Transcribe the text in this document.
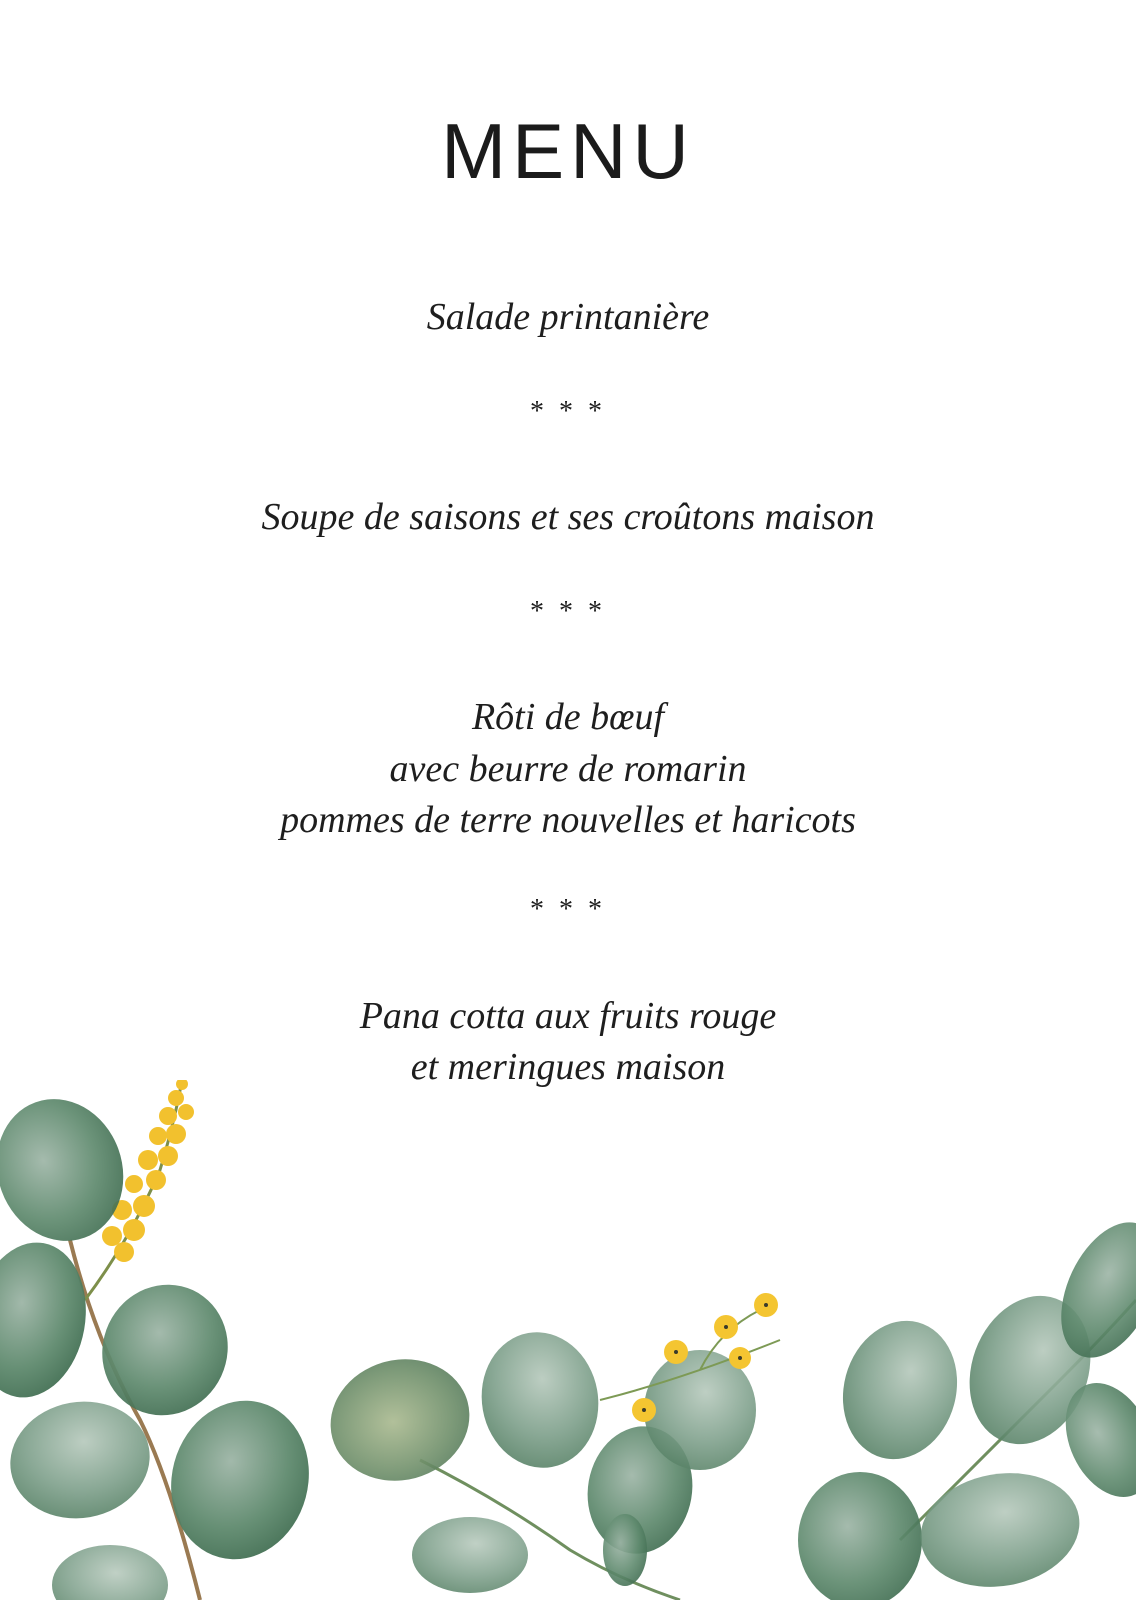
MENU
Salade printanière
* * *
Soupe de saisons et ses croûtons maison
* * *
Rôti de bœuf
avec beurre de romarin
pommes de terre nouvelles et haricots
* * *
Pana cotta aux fruits rouge
et meringues maison
